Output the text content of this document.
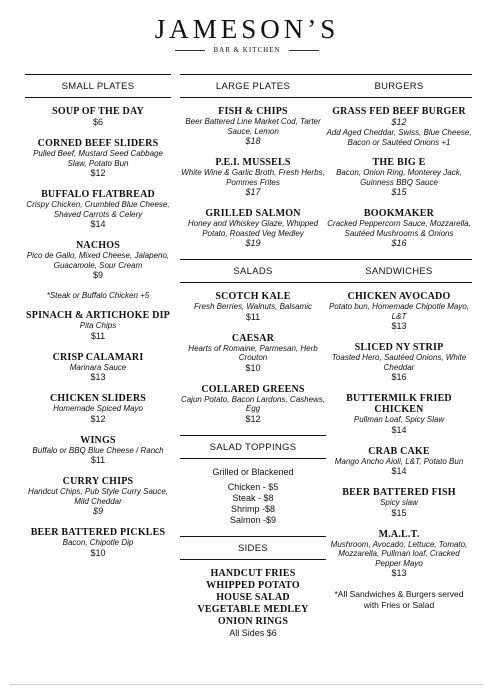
JAMESON’S
BAR & KITCHEN
SMALL PLATES
SOUP OF THE DAY
$6
CORNED BEEF SLIDERS
Pulled Beef, Mustard Seed Cabbage Slaw, Potato Bun
$12
BUFFALO FLATBREAD
Crispy Chicken, Crumbled Blue Cheese, Shaved Carrots & Celery
$14
NACHOS
Pico de Gallo, Mixed Cheese, Jalapeno, Guacamole, Sour Cream
$9
*Steak or Buffalo Chicken +5
SPINACH & ARTICHOKE DIP
Pita Chips
$11
CRISP CALAMARI
Marinara Sauce
$13
CHICKEN SLIDERS
Homemade Spiced Mayo
$12
WINGS
Buffalo or BBQ Blue Cheese / Ranch
$11
CURRY CHIPS
Handcut Chips, Pub Style Curry Sauce, Mild Cheddar
$9
BEER BATTERED PICKLES
Bacon, Chipotle Dip
$10
LARGE PLATES
FISH & CHIPS
Beer Battered Line Market Cod, Tarter Sauce, Lemon
$18
P.E.I. MUSSELS
White Wine & Garlic Broth, Fresh Herbs, Pommes Frites
$17
GRILLED SALMON
Honey and Whiskey Glaze, Whipped Potato, Roasted Veg Medley
$19
SALADS
SCOTCH KALE
Fresh Berries, Walnuts, Balsamic
$11
CAESAR
Hearts of Romaine, Parmesan, Herb Crouton
$10
COLLARED GREENS
Cajun Potato, Bacon Lardons, Cashews, Egg
$12
SALAD TOPPINGS
Grilled or Blackened
Chicken - $5
Steak - $8
Shrimp -$8
Salmon -$9
SIDES
HANDCUT FRIES
WHIPPED POTATO
HOUSE SALAD
VEGETABLE MEDLEY
ONION RINGS
All Sides $6
BURGERS
GRASS FED BEEF BURGER
$12
Add Aged Cheddar, Swiss, Blue Cheese, Bacon or Sautéed Onions +1
THE BIG E
Bacon, Onion Ring, Monterey Jack, Guinness BBQ Sauce
$15
BOOKMAKER
Cracked Peppercorn Sauce, Mozzarella, Sautéed Mushrooms & Onions
$16
SANDWICHES
CHICKEN AVOCADO
Potato bun, Homemade Chipotle Mayo, L&T
$13
SLICED NY STRIP
Toasted Hero, Sautéed Onions, White Cheddar
$16
BUTTERMILK FRIED CHICKEN
Pullman Loaf, Spicy Slaw
$14
CRAB CAKE
Mango Ancho Aioli, L&T, Potato Bun
$14
BEER BATTERED FISH
Spicy slaw
$15
M.A.L.T.
Mushroom, Avocado, Lettuce, Tomato, Mozzarella, Pullman loaf, Cracked Pepper Mayo
$13
*All Sandwiches & Burgers served with Fries or Salad
